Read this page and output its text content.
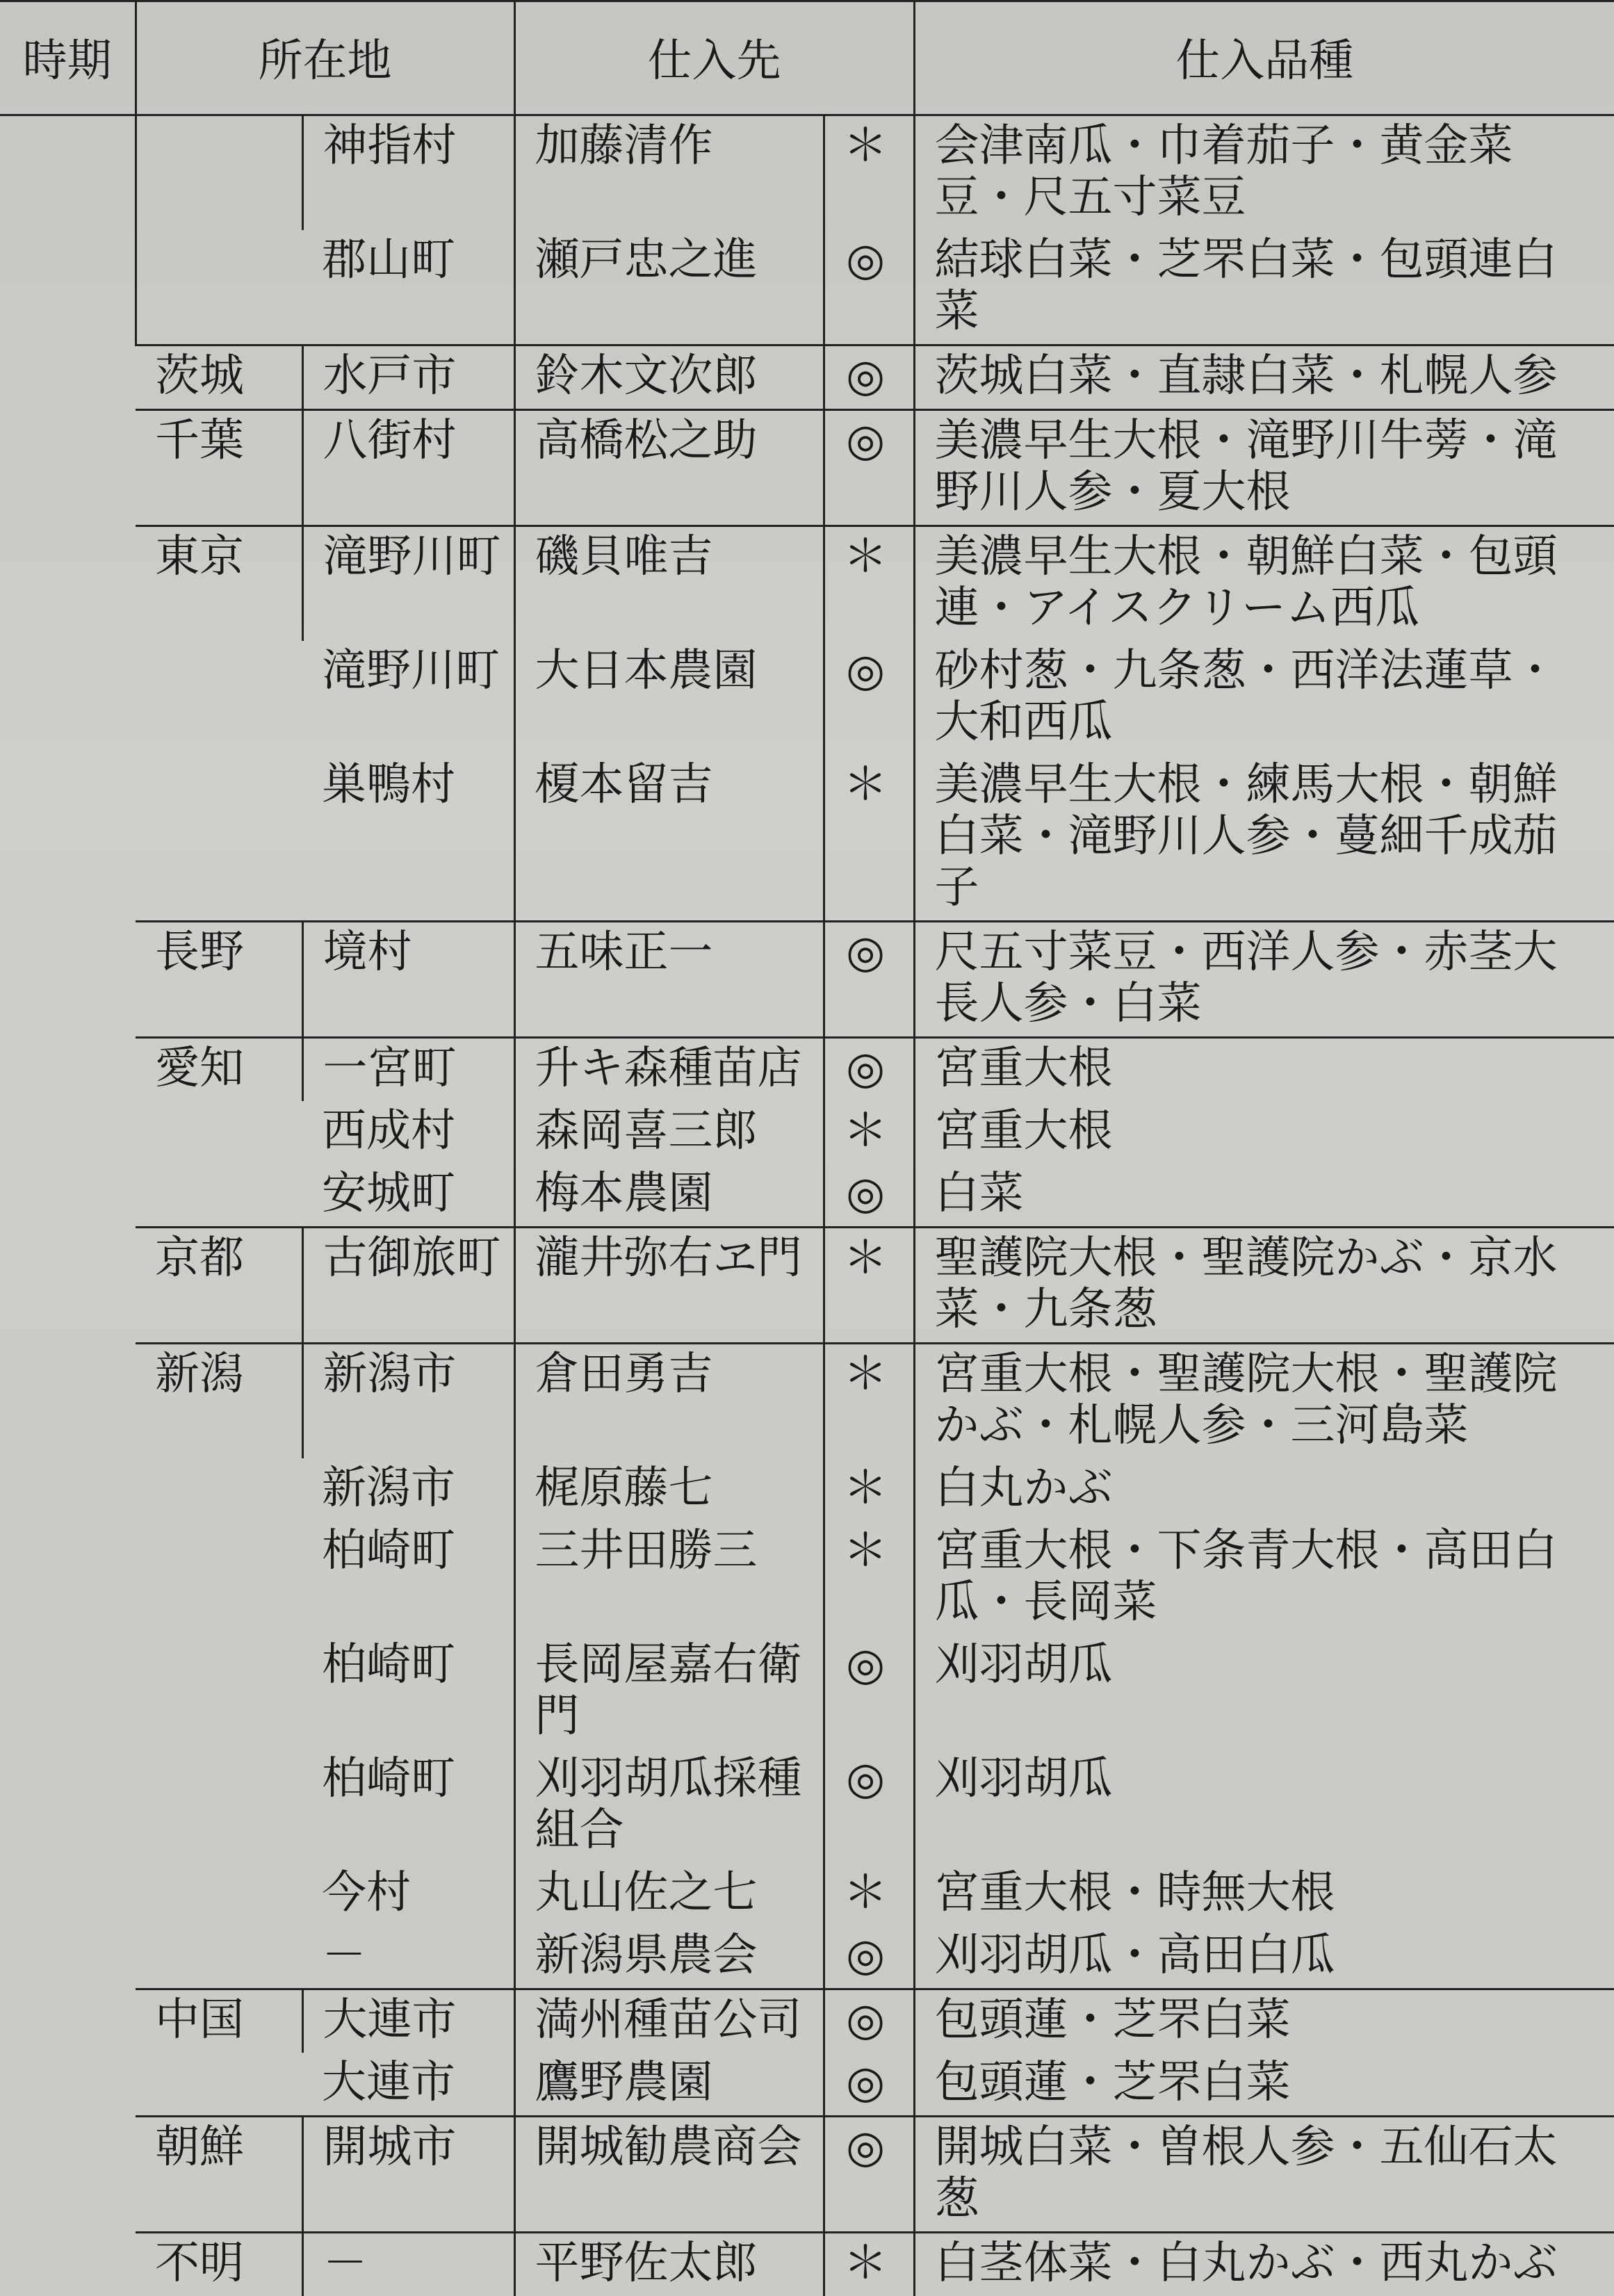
時期	所在地		仕入先		仕入品種
		神指村	加藤清作	＊	会津南瓜・巾着茄子・黄金菜豆・尺五寸菜豆
		郡山町	瀬戸忠之進	◎	結球白菜・芝罘白菜・包頭連白菜
	茨城	水戸市	鈴木文次郎	◎	茨城白菜・直隷白菜・札幌人参
	千葉	八街村	高橋松之助	◎	美濃早生大根・滝野川牛蒡・滝野川人参・夏大根
	東京	滝野川町	磯貝唯吉	＊	美濃早生大根・朝鮮白菜・包頭連・アイスクリーム西瓜
		滝野川町	大日本農園	◎	砂村葱・九条葱・西洋法蓮草・大和西瓜
		巣鴨村	榎本留吉	＊	美濃早生大根・練馬大根・朝鮮白菜・滝野川人参・蔓細千成茄子
	長野	境村	五味正一	◎	尺五寸菜豆・西洋人参・赤茎大長人参・白菜
	愛知	一宮町	升キ森種苗店	◎	宮重大根
		西成村	森岡喜三郎	＊	宮重大根
		安城町	梅本農園	◎	白菜
	京都	古御旅町	瀧井弥右ヱ門	＊	聖護院大根・聖護院かぶ・京水菜・九条葱
	新潟	新潟市	倉田勇吉	＊	宮重大根・聖護院大根・聖護院かぶ・札幌人参・三河島菜
		新潟市	梶原藤七	＊	白丸かぶ
		柏崎町	三井田勝三	＊	宮重大根・下条青大根・高田白瓜・長岡菜
		柏崎町	長岡屋嘉右衛門	◎	刈羽胡瓜
		柏崎町	刈羽胡瓜採種組合	◎	刈羽胡瓜
		今村	丸山佐之七	＊	宮重大根・時無大根
		－	新潟県農会	◎	刈羽胡瓜・高田白瓜
	中国	大連市	満州種苗公司	◎	包頭蓮・芝罘白菜
		大連市	鷹野農園	◎	包頭蓮・芝罘白菜
	朝鮮	開城市	開城勧農商会	◎	開城白菜・曽根人参・五仙石太葱
	不明	－	平野佐太郎	＊	白茎体菜・白丸かぶ・西丸かぶ
